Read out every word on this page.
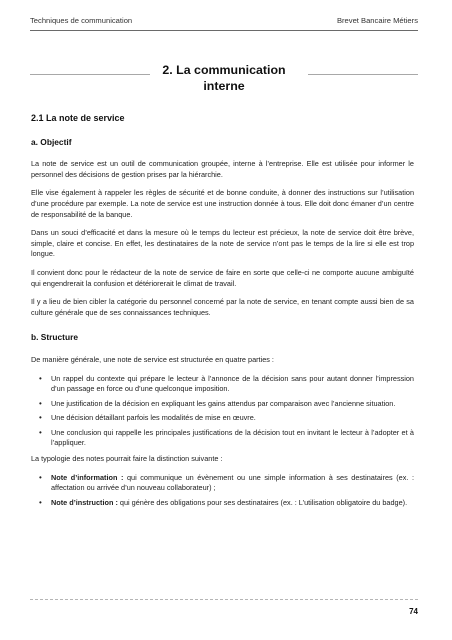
Techniques de communication	Brevet Bancaire Métiers
2. La communication
interne
2.1 La note de service
a. Objectif

La note de service est un outil de communication groupée, interne à l’entreprise. Elle est utilisée pour informer le personnel des décisions de gestion prises par la hiérarchie.

Elle vise également à rappeler les règles de sécurité et de bonne conduite, à donner des instructions sur l’utilisation d’une procédure par exemple. La note de service est une instruction donnée à tous. Elle doit donc émaner d’un centre de responsabilité de la banque.

Dans un souci d’efficacité et dans la mesure où le temps du lecteur est précieux, la note de service doit être brève, simple, claire et concise. En effet, les destinataires de la note de service n’ont pas le temps de la lire si elle est trop longue.

Il convient donc pour le rédacteur de la note de service de faire en sorte que celle-ci ne comporte aucune ambiguïté qui engendrerait la confusion et détériorerait le climat de travail.

Il y a lieu de bien cibler la catégorie du personnel concerné par la note de service, en tenant compte aussi bien de sa culture générale que de ses connaissances techniques.

b. Structure

De manière générale, une note de service est structurée en quatre parties :

• Un rappel du contexte qui prépare le lecteur à l’annonce de la décision sans pour autant donner l’impression d’un passage en force ou d’une quelconque imposition.
• Une justification de la décision en expliquant les gains attendus par comparaison avec l’ancienne situation.
• Une décision détaillant parfois les modalités de mise en œuvre.
• Une conclusion qui rappelle les principales justifications de la décision tout en invitant le lecteur à l’adopter et à l’appliquer.

La typologie des notes pourrait faire la distinction suivante :

• Note d’information : qui communique un évènement ou une simple information à ses destinataires (ex. : affectation ou arrivée d’un nouveau collaborateur) ;
• Note d’instruction : qui génère des obligations pour ses destinataires (ex. : L’utilisation obligatoire du badge).
74
